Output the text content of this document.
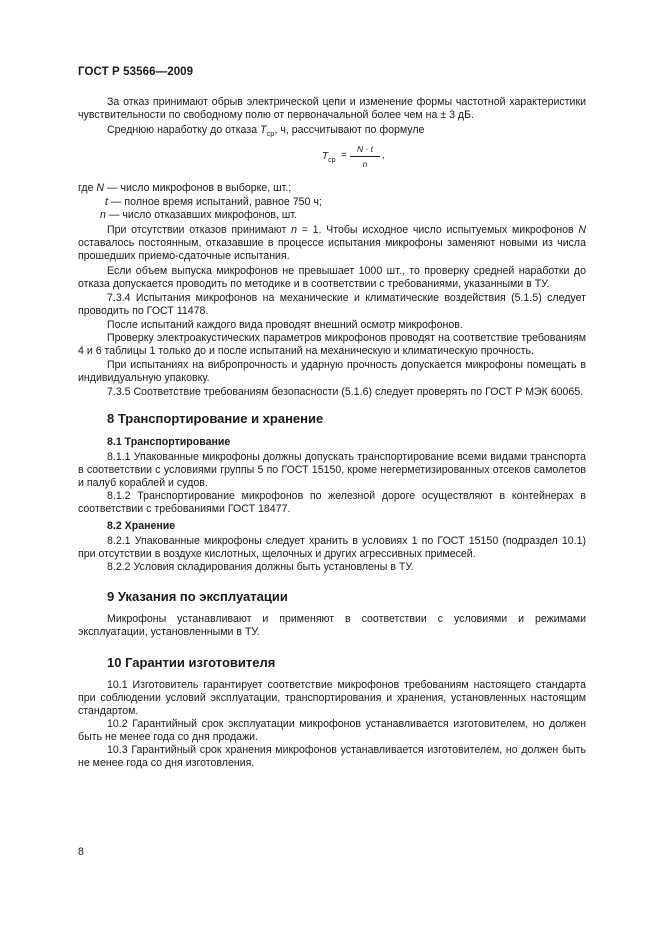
ГОСТ Р 53566—2009

За отказ принимают обрыв электрической цепи и изменение формы частотной характеристики чувствительности по свободному полю от первоначальной более чем на ± 3 дБ.

Среднюю наработку до отказа $T_{ср}$, ч, рассчитывают по формуле

$T_{ср}$ =
N · t
n
,
где N — число микрофонов в выборке, шт.;
t — полное время испытаний, равное 750 ч;
n — число отказавших микрофонов, шт.

При отсутствии отказов принимают n = 1. Чтобы исходное число испытуемых микрофонов N оставалось постоянным, отказавшие в процессе испытания микрофоны заменяют новыми из числа прошедших приемо-сдаточные испытания.

Если объем выпуска микрофонов не превышает 1000 шт., то проверку средней наработки до отказа допускается проводить по методике и в соответствии с требованиями, указанными в ТУ.

7.3.4 Испытания микрофонов на механические и климатические воздействия (5.1.5) следует проводить по ГОСТ 11478.

После испытаний каждого вида проводят внешний осмотр микрофонов.

Проверку электроакустических параметров микрофонов проводят на соответствие требованиям 4 и 6 таблицы 1 только до и после испытаний на механическую и климатическую прочность.

При испытаниях на вибропрочность и ударную прочность допускается микрофоны помещать в индивидуальную упаковку.

7.3.5 Соответствие требованиям безопасности (5.1.6) следует проверять по ГОСТ Р МЭК 60065.

8 Транспортирование и хранение
8.1 Транспортирование

8.1.1 Упакованные микрофоны должны допускать транспортирование всеми видами транспорта в соответствии с условиями группы 5 по ГОСТ 15150, кроме негерметизированных отсеков самолетов и палуб кораблей и судов.

8.1.2 Транспортирование микрофонов по железной дороге осуществляют в контейнерах в соответствии с требованиями ГОСТ 18477.

8.2 Хранение

8.2.1 Упакованные микрофоны следует хранить в условиях 1 по ГОСТ 15150 (подраздел 10.1) при отсутствии в воздухе кислотных, щелочных и других агрессивных примесей.

8.2.2 Условия складирования должны быть установлены в ТУ.

9 Указания по эксплуатации

Микрофоны устанавливают и применяют в соответствии с условиями и режимами эксплуатации, установленными в ТУ.

10 Гарантии изготовителя

10.1 Изготовитель гарантирует соответствие микрофонов требованиям настоящего стандарта при соблюдении условий эксплуатации, транспортирования и хранения, установленных настоящим стандартом.

10.2 Гарантийный срок эксплуатации микрофонов устанавливается изготовителем, но должен быть не менее года со дня продажи.

10.3 Гарантийный срок хранения микрофонов устанавливается изготовителем, но должен быть не менее года со дня изготовления.

8
